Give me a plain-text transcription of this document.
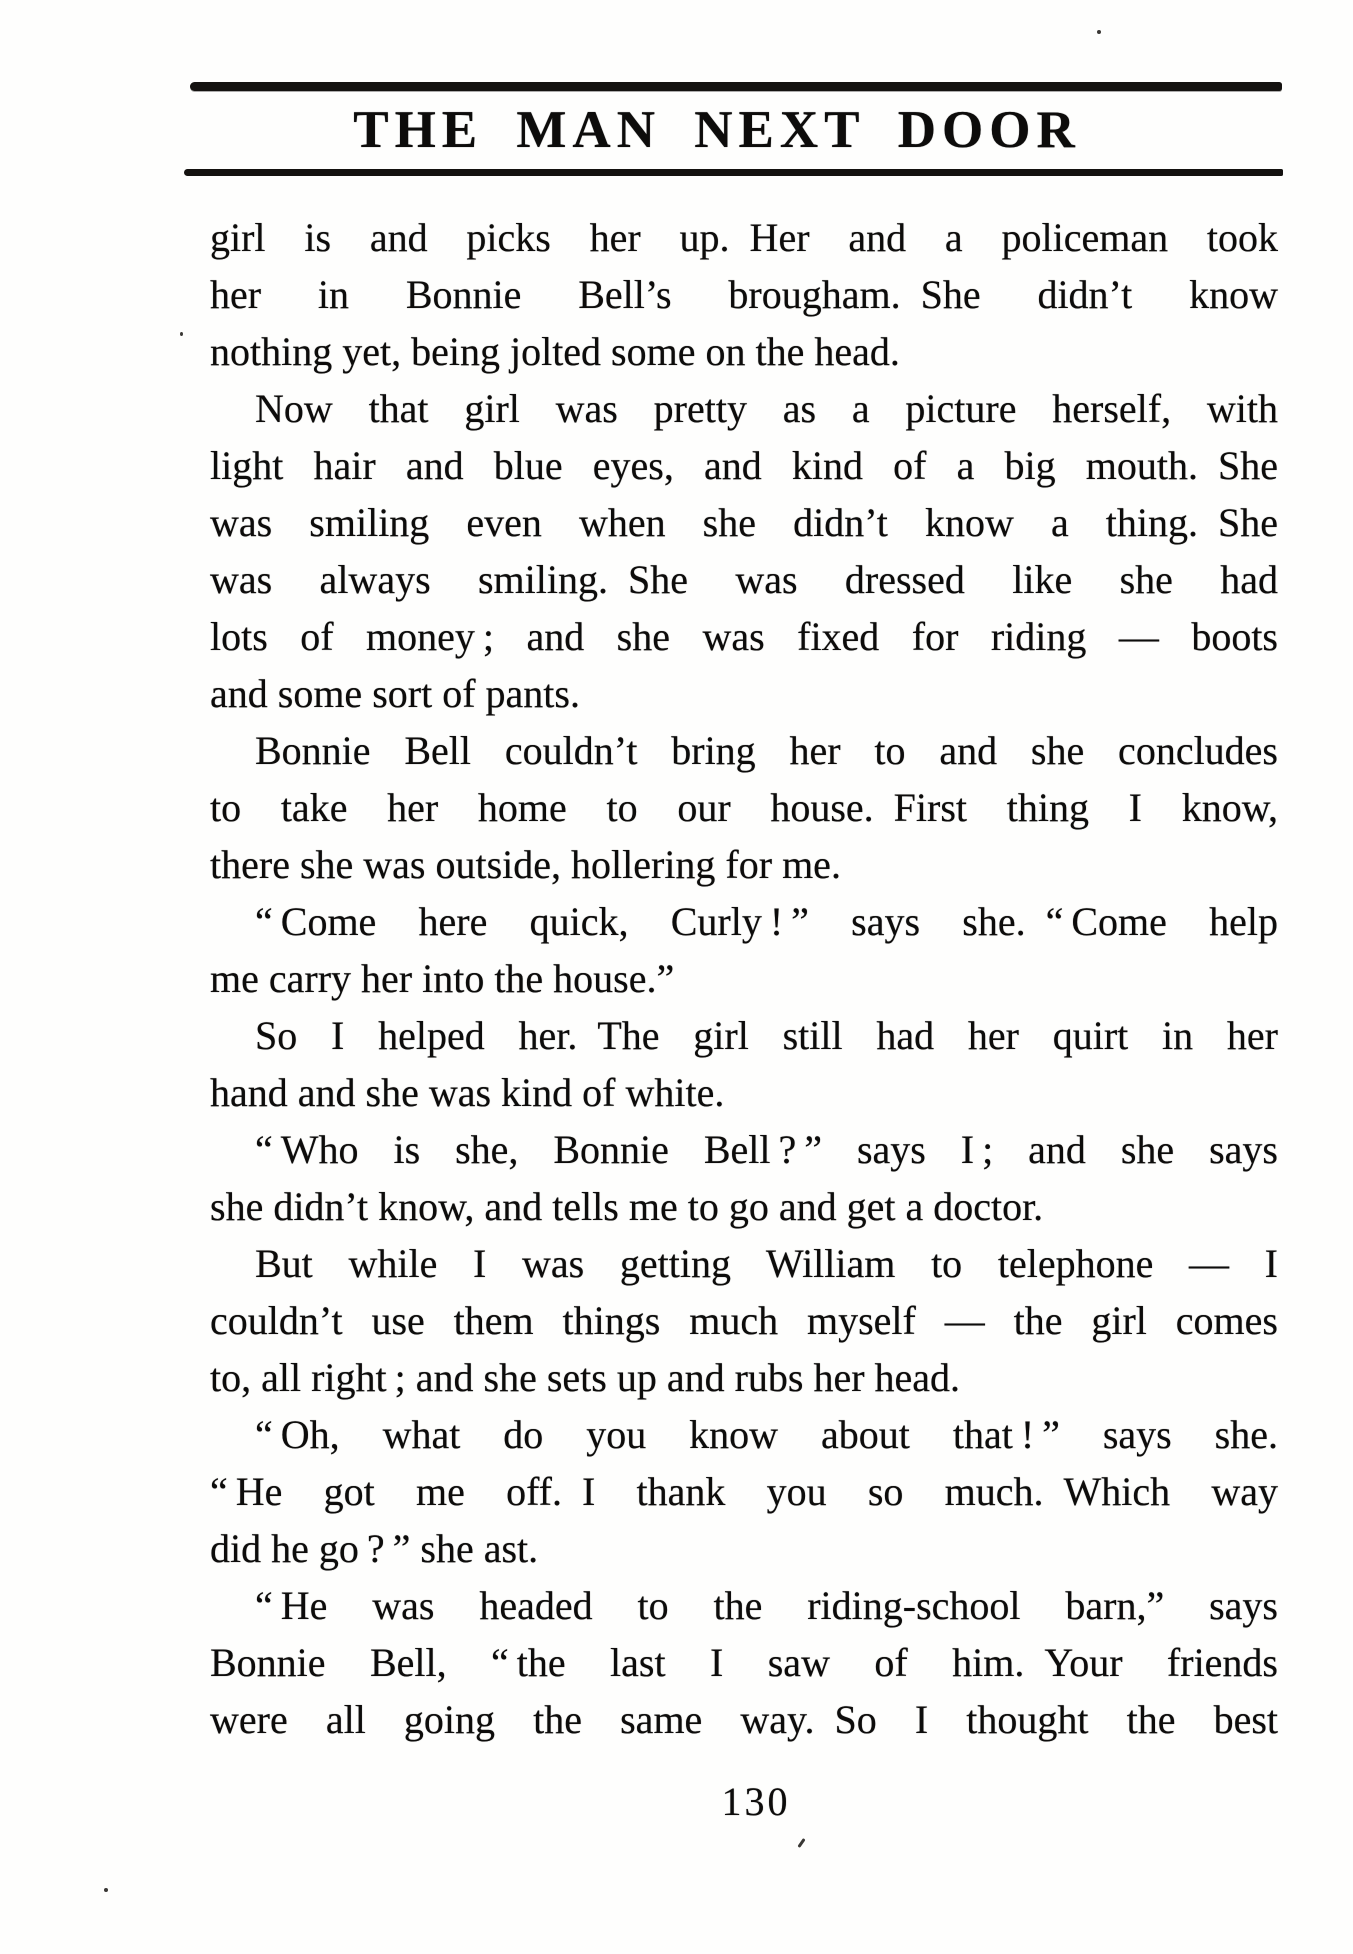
THE MAN NEXT DOOR

girl is and picks her up. Her and a policeman took
her in Bonnie Bell’s brougham. She didn’t know
nothing yet, being jolted some on the head.

Now that girl was pretty as a picture herself, with
light hair and blue eyes, and kind of a big mouth. She
was smiling even when she didn’t know a thing. She
was always smiling. She was dressed like she had
lots of money ; and she was fixed for riding — boots
and some sort of pants.

Bonnie Bell couldn’t bring her to and she concludes
to take her home to our house. First thing I know,
there she was outside, hollering for me.

“ Come here quick, Curly ! ” says she. “ Come help
me carry her into the house.”

So I helped her. The girl still had her quirt in her
hand and she was kind of white.

“ Who is she, Bonnie Bell ? ” says I ; and she says
she didn’t know, and tells me to go and get a doctor.

But while I was getting William to telephone — I
couldn’t use them things much myself — the girl comes
to, all right ; and she sets up and rubs her head.

“ Oh, what do you know about that ! ” says she.
“ He got me off. I thank you so much. Which way
did he go ? ” she ast.

“ He was headed to the riding-school barn,” says
Bonnie Bell, “ the last I saw of him. Your friends
were all going the same way. So I thought the best

130
